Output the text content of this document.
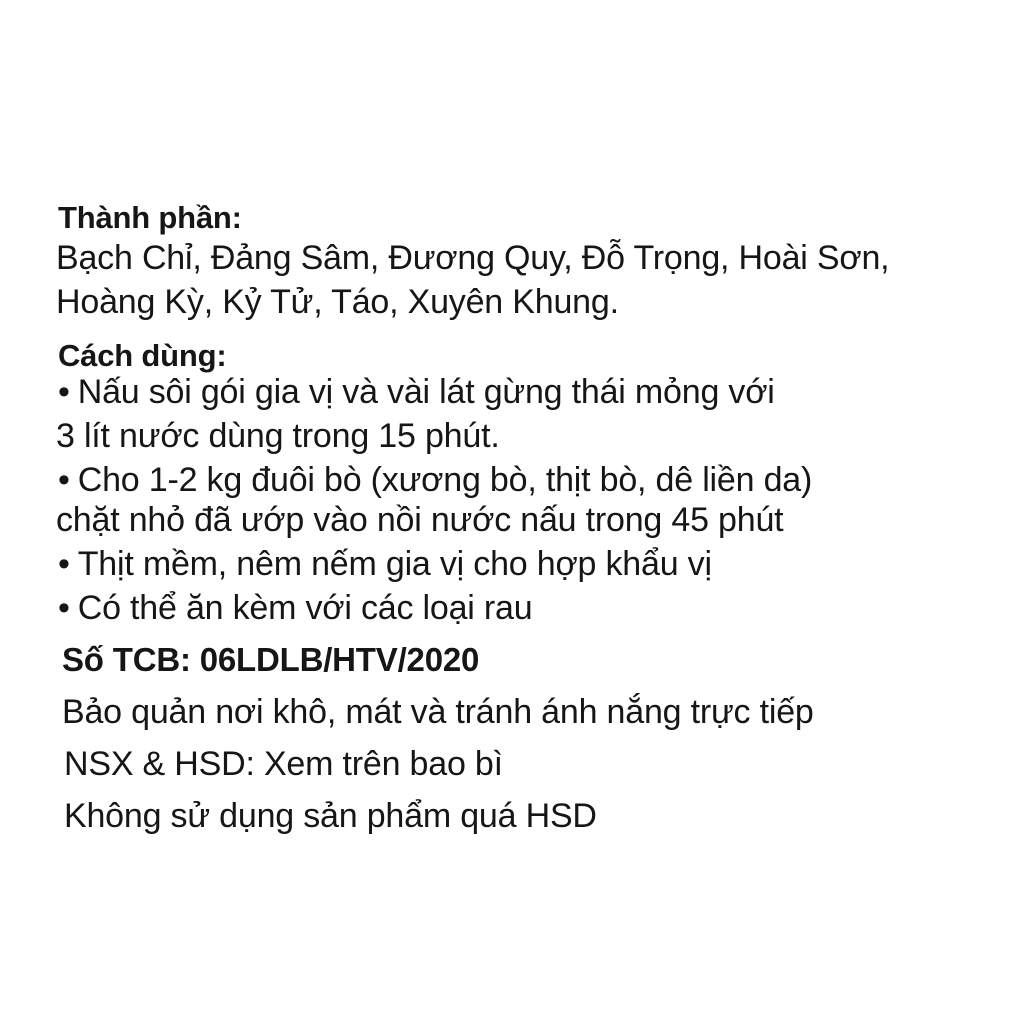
Thành phần:
Bạch Chỉ, Đảng Sâm, Đương Quy, Đỗ Trọng, Hoài Sơn,
Hoàng Kỳ, Kỷ Tử, Táo, Xuyên Khung.
Cách dùng:
• Nấu sôi gói gia vị và vài lát gừng thái mỏng với
3 lít nước dùng trong 15 phút.
• Cho 1-2 kg đuôi bò (xương bò, thịt bò, dê liền da)
chặt nhỏ đã ướp vào nồi nước nấu trong 45 phút
• Thịt mềm, nêm nếm gia vị cho hợp khẩu vị
• Có thể ăn kèm với các loại rau
Số TCB: 06LDLB/HTV/2020
Bảo quản nơi khô, mát và tránh ánh nắng trực tiếp
NSX & HSD: Xem trên bao bì
Không sử dụng sản phẩm quá HSD
